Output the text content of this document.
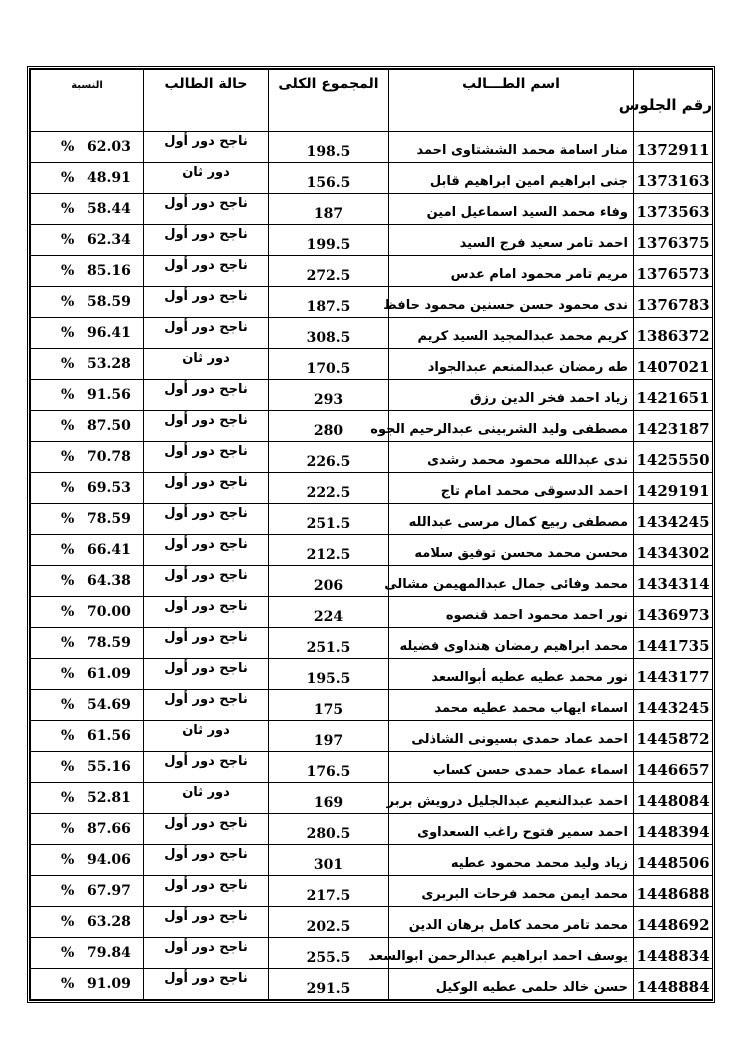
رقم الجلوس	اسم الطـــالب	المجموع الكلى	حالة الطالب	النسبة
1372911	منار اسامة محمد الششتاوى احمد	198.5	ناجح دور أول	% 62.03
1373163	جنى ابراهيم امين ابراهيم قابل	156.5	دور ثان	% 48.91
1373563	وفاء محمد السيد اسماعيل امين	187	ناجح دور أول	% 58.44
1376375	احمد تامر سعيد فرج السيد	199.5	ناجح دور أول	% 62.34
1376573	مريم تامر محمود امام عدس	272.5	ناجح دور أول	% 85.16
1376783	ندى محمود حسن حسنين محمود حافظ	187.5	ناجح دور أول	% 58.59
1386372	كريم محمد عبدالمجيد السيد كريم	308.5	ناجح دور أول	% 96.41
1407021	طه رمضان عبدالمنعم عبدالجواد	170.5	دور ثان	% 53.28
1421651	زياد احمد فخر الدين رزق	293	ناجح دور أول	% 91.56
1423187	مصطفى وليد الشربينى عبدالرحيم الجوه	280	ناجح دور أول	% 87.50
1425550	ندى عبدالله محمود محمد رشدى	226.5	ناجح دور أول	% 70.78
1429191	احمد الدسوقى محمد امام تاج	222.5	ناجح دور أول	% 69.53
1434245	مصطفى ربيع كمال مرسى عبدالله	251.5	ناجح دور أول	% 78.59
1434302	محسن محمد محسن توفيق سلامه	212.5	ناجح دور أول	% 66.41
1434314	محمد وفائى جمال عبدالمهيمن مشالى	206	ناجح دور أول	% 64.38
1436973	نور احمد محمود احمد قنصوه	224	ناجح دور أول	% 70.00
1441735	محمد ابراهيم رمضان هنداوى فضيله	251.5	ناجح دور أول	% 78.59
1443177	نور محمد عطيه عطيه أبوالسعد	195.5	ناجح دور أول	% 61.09
1443245	اسماء ايهاب محمد عطيه محمد	175	ناجح دور أول	% 54.69
1445872	احمد عماد حمدى بسيونى الشاذلى	197	دور ثان	% 61.56
1446657	اسماء عماد حمدى حسن كساب	176.5	ناجح دور أول	% 55.16
1448084	احمد عبدالنعيم عبدالجليل درويش بربر	169	دور ثان	% 52.81
1448394	احمد سمير فتوح راغب السعداوى	280.5	ناجح دور أول	% 87.66
1448506	زياد وليد محمد محمود عطيه	301	ناجح دور أول	% 94.06
1448688	محمد ايمن محمد فرحات البربرى	217.5	ناجح دور أول	% 67.97
1448692	محمد تامر محمد كامل برهان الدين	202.5	ناجح دور أول	% 63.28
1448834	يوسف احمد ابراهيم عبدالرحمن ابوالسعد	255.5	ناجح دور أول	% 79.84
1448884	حسن خالد حلمى عطيه الوكيل	291.5	ناجح دور أول	% 91.09
